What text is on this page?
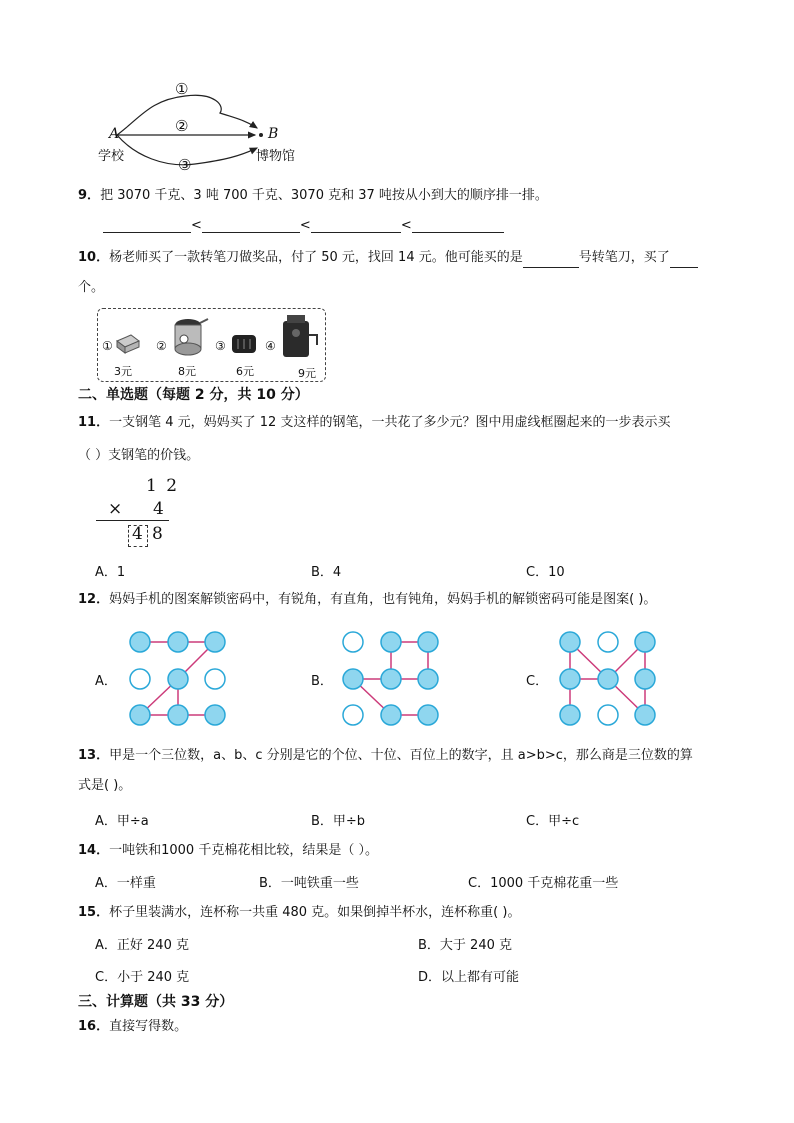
A
学校
B
博物馆
①
②
③
9．把 3070 千克、3 吨 700 千克、3070 克和 37 吨按从小到大的顺序排一排。
<	<	<
10．杨老师买了一款转笔刀做奖品，付了 50 元，找回 14 元。他可能买的是	号转笔刀，买了
个。
①
3元
②
8元
③
6元
④
9元
二、单选题（每题 2 分，共 10 分）
11．一支钢笔 4 元，妈妈买了 12 支这样的钢笔，一共花了多少元？图中用虚线框圈起来的一步表示买
（ ）支钢笔的价钱。
1 2
× 4
4 8
A．1	B．4	C．10
12．妈妈手机的图案解锁密码中，有锐角，有直角，也有钝角，妈妈手机的解锁密码可能是图案( )。
A．	B．	C．
13．甲是一个三位数，a、b、c 分别是它的个位、十位、百位上的数字，且 a>b>c，那么商是三位数的算
式是( )。
A．甲÷a	B．甲÷b	C．甲÷c
14．一吨铁和1000 千克棉花相比较，结果是（ ）。
A．一样重	B．一吨铁重一些	C．1000 千克棉花重一些
15．杯子里装满水，连杯称一共重 480 克。如果倒掉半杯水，连杯称重( )。
A．正好 240 克	B．大于 240 克
C．小于 240 克	D．以上都有可能
三、计算题（共 33 分）
16．直接写得数。
